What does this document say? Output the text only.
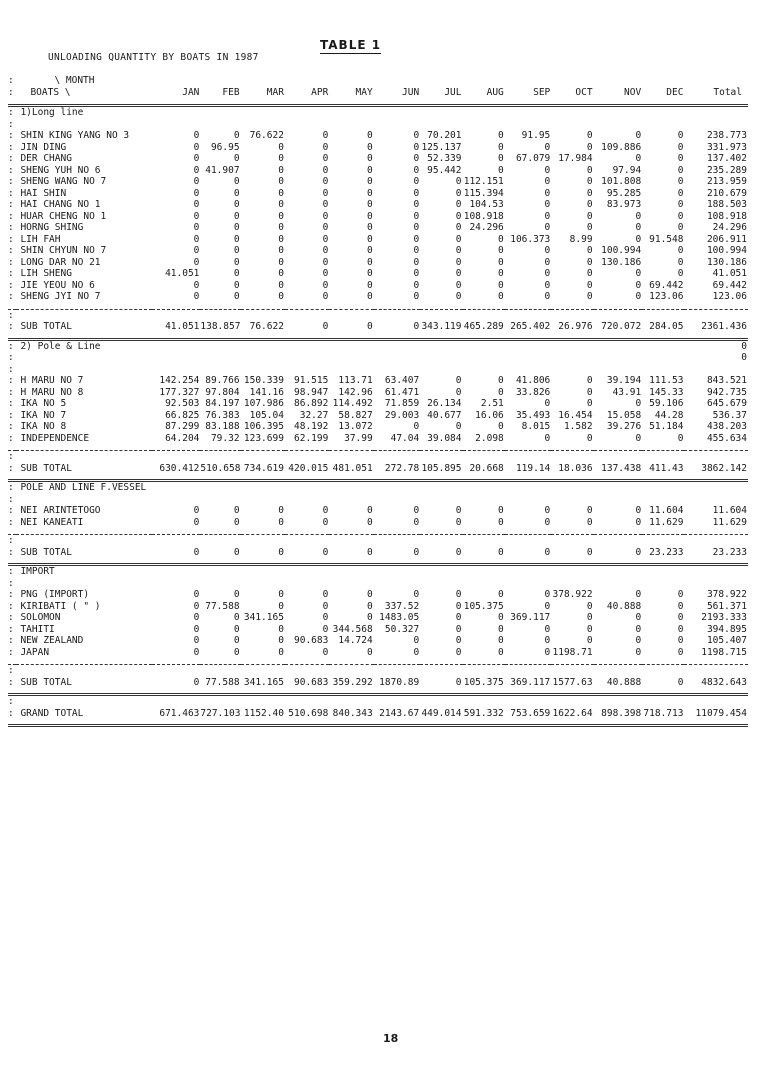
UNLOADING QUANTITY BY BOATS IN 1987
TABLE 1
:	\ MONTH													
:	BOATS \	JAN	FEB	MAR	APR	MAY	JUN	JUL	AUG	SEP	OCT	NOV	DEC	Total

:	1)Long line													
:														
:	SHIN KING YANG NO 3	0	0	76.622	0	0	0	70.201	0	91.95	0	0	0	238.773
:	JIN DING	0	96.95	0	0	0	0	125.137	0	0	0	109.886	0	331.973
:	DER CHANG	0	0	0	0	0	0	52.339	0	67.079	17.984	0	0	137.402
:	SHENG YUH NO 6	0	41.907	0	0	0	0	95.442	0	0	0	97.94	0	235.289
:	SHENG WANG NO 7	0	0	0	0	0	0	0	112.151	0	0	101.808	0	213.959
:	HAI SHIN	0	0	0	0	0	0	0	115.394	0	0	95.285	0	210.679
:	HAI CHANG NO 1	0	0	0	0	0	0	0	104.53	0	0	83.973	0	188.503
:	HUAR CHENG NO 1	0	0	0	0	0	0	0	108.918	0	0	0	0	108.918
:	HORNG SHING	0	0	0	0	0	0	0	24.296	0	0	0	0	24.296
:	LIH FAH	0	0	0	0	0	0	0	0	106.373	8.99	0	91.548	206.911
:	SHIN CHYUN NO 7	0	0	0	0	0	0	0	0	0	0	100.994	0	100.994
:	LONG DAR NO 21	0	0	0	0	0	0	0	0	0	0	130.186	0	130.186
:	LIH SHENG	41.051	0	0	0	0	0	0	0	0	0	0	0	41.051
:	JIE YEOU NO 6	0	0	0	0	0	0	0	0	0	0	0	69.442	69.442
:	SHENG JYI NO 7	0	0	0	0	0	0	0	0	0	0	0	123.06	123.06

:														
:	SUB TOTAL	41.051	138.857	76.622	0	0	0	343.119	465.289	265.402	26.976	720.072	284.05	2361.436

:	2) Pole & Line													0
:														0
:														
:	H MARU NO 7	142.254	89.766	150.339	91.515	113.71	63.407	0	0	41.806	0	39.194	111.53	843.521
:	H MARU NO 8	177.327	97.804	141.16	98.947	142.96	61.471	0	0	33.826	0	43.91	145.33	942.735
:	IKA NO 5	92.503	84.197	107.986	86.892	114.492	71.859	26.134	2.51	0	0	0	59.106	645.679
:	IKA NO 7	66.825	76.383	105.04	32.27	58.827	29.003	40.677	16.06	35.493	16.454	15.058	44.28	536.37
:	IKA NO 8	87.299	83.188	106.395	48.192	13.072	0	0	0	8.015	1.582	39.276	51.184	438.203
:	INDEPENDENCE	64.204	79.32	123.699	62.199	37.99	47.04	39.084	2.098	0	0	0	0	455.634

:														
:	SUB TOTAL	630.412	510.658	734.619	420.015	481.051	272.78	105.895	20.668	119.14	18.036	137.438	411.43	3862.142

:	POLE AND LINE F.VESSEL													
:														
:	NEI ARINTETOGO	0	0	0	0	0	0	0	0	0	0	0	11.604	11.604
:	NEI KANEATI	0	0	0	0	0	0	0	0	0	0	0	11.629	11.629

:														
:	SUB TOTAL	0	0	0	0	0	0	0	0	0	0	0	23.233	23.233

:	IMPORT													
:														
:	PNG (IMPORT)	0	0	0	0	0	0	0	0	0	378.922	0	0	378.922
:	KIRIBATI ( " )	0	77.588	0	0	0	337.52	0	105.375	0	0	40.888	0	561.371
:	SOLOMON	0	0	341.165	0	0	1483.05	0	0	369.117	0	0	0	2193.333
:	TAHITI	0	0	0	0	344.568	50.327	0	0	0	0	0	0	394.895
:	NEW ZEALAND	0	0	0	90.683	14.724	0	0	0	0	0	0	0	105.407
:	JAPAN	0	0	0	0	0	0	0	0	0	1198.71	0	0	1198.715

:														
:	SUB TOTAL	0	77.588	341.165	90.683	359.292	1870.89	0	105.375	369.117	1577.63	40.888	0	4832.643

:														
:	GRAND TOTAL	671.463	727.103	1152.40	510.698	840.343	2143.67	449.014	591.332	753.659	1622.64	898.398	718.713	11079.454

18
